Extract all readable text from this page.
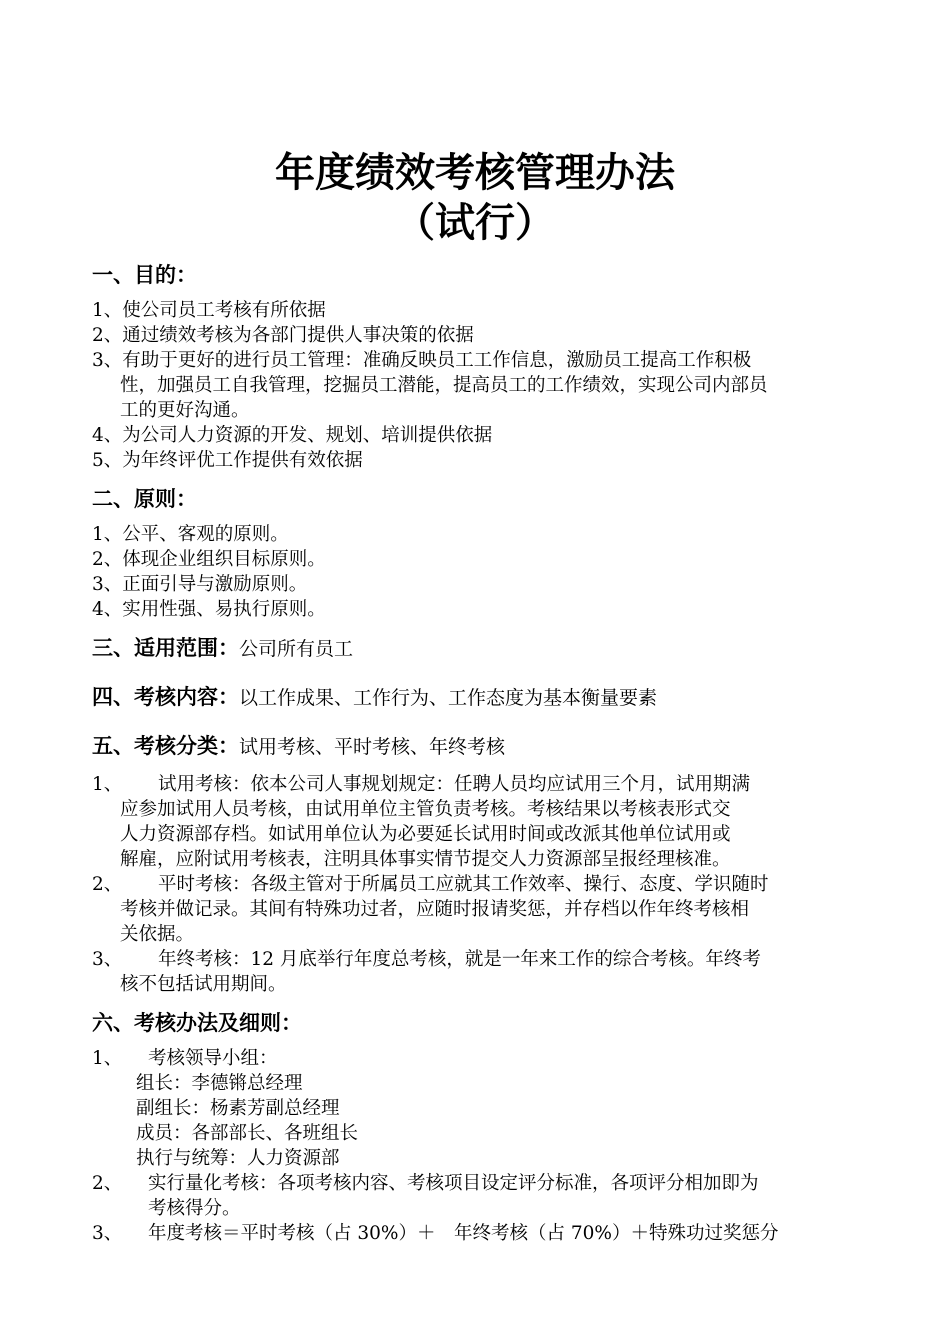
年度绩效考核管理办法
（试行）
一、目的：
1、使公司员工考核有所依据
2、通过绩效考核为各部门提供人事决策的依据
3、有助于更好的进行员工管理：准确反映员工工作信息，激励员工提高工作积极
性，加强员工自我管理，挖掘员工潜能，提高员工的工作绩效，实现公司内部员
工的更好沟通。
4、为公司人力资源的开发、规划、培训提供依据
5、为年终评优工作提供有效依据
二、原则：
1、公平、客观的原则。
2、体现企业组织目标原则。
3、正面引导与激励原则。
4、实用性强、易执行原则。
三、适用范围：公司所有员工
四、考核内容：以工作成果、工作行为、工作态度为基本衡量要素
五、考核分类：试用考核、平时考核、年终考核
1、 试用考核：依本公司人事规划规定：任聘人员均应试用三个月，试用期满
应参加试用人员考核，由试用单位主管负责考核。考核结果以考核表形式交
人力资源部存档。如试用单位认为必要延长试用时间或改派其他单位试用或
解雇，应附试用考核表，注明具体事实情节提交人力资源部呈报经理核准。
2、 平时考核：各级主管对于所属员工应就其工作效率、操行、态度、学识随时
考核并做记录。其间有特殊功过者，应随时报请奖惩，并存档以作年终考核相
关依据。
3、 年终考核：12 月底举行年度总考核，就是一年来工作的综合考核。年终考
核不包括试用期间。
六、考核办法及细则：
1、 考核领导小组：
组长：李德锵总经理
副组长：杨素芳副总经理
成员：各部部长、各班组长
执行与统筹：人力资源部
2、 实行量化考核：各项考核内容、考核项目设定评分标准，各项评分相加即为
考核得分。
3、 年度考核＝平时考核（占 30%）＋　年终考核（占 70%）＋特殊功过奖惩分
